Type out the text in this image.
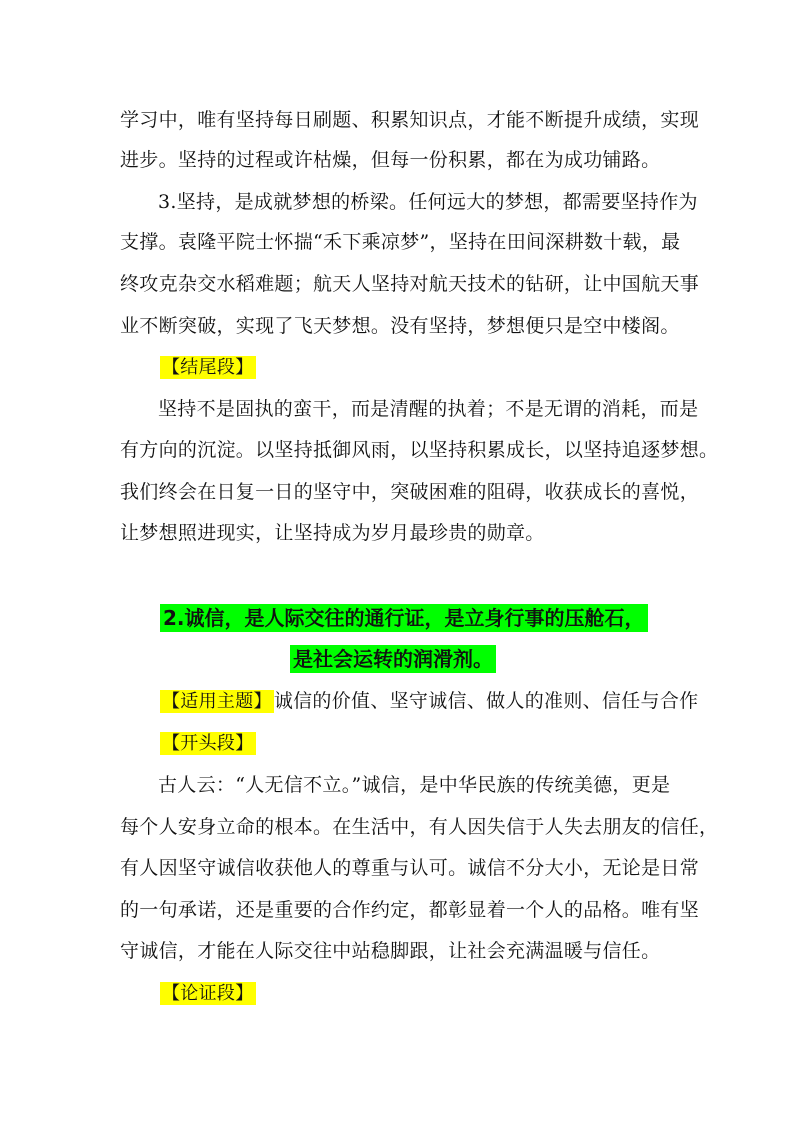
学习中，唯有坚持每日刷题、积累知识点，才能不断提升成绩，实现
进步。坚持的过程或许枯燥，但每一份积累，都在为成功铺路。
3.坚持，是成就梦想的桥梁。任何远大的梦想，都需要坚持作为
支撑。袁隆平院士怀揣“禾下乘凉梦”，坚持在田间深耕数十载，最
终攻克杂交水稻难题；航天人坚持对航天技术的钻研，让中国航天事
业不断突破，实现了飞天梦想。没有坚持，梦想便只是空中楼阁。
【结尾段】
坚持不是固执的蛮干，而是清醒的执着；不是无谓的消耗，而是
有方向的沉淀。以坚持抵御风雨，以坚持积累成长，以坚持追逐梦想。
我们终会在日复一日的坚守中，突破困难的阻碍，收获成长的喜悦，
让梦想照进现实，让坚持成为岁月最珍贵的勋章。
2.诚信，是人际交往的通行证，是立身行事的压舱石，
是社会运转的润滑剂。
【适用主题】 诚信的价值、坚守诚信、做人的准则、信任与合作
【开头段】
古人云：“人无信不立。”诚信，是中华民族的传统美德，更是
每个人安身立命的根本。在生活中，有人因失信于人失去朋友的信任，
有人因坚守诚信收获他人的尊重与认可。诚信不分大小，无论是日常
的一句承诺，还是重要的合作约定，都彰显着一个人的品格。唯有坚
守诚信，才能在人际交往中站稳脚跟，让社会充满温暖与信任。
【论证段】
